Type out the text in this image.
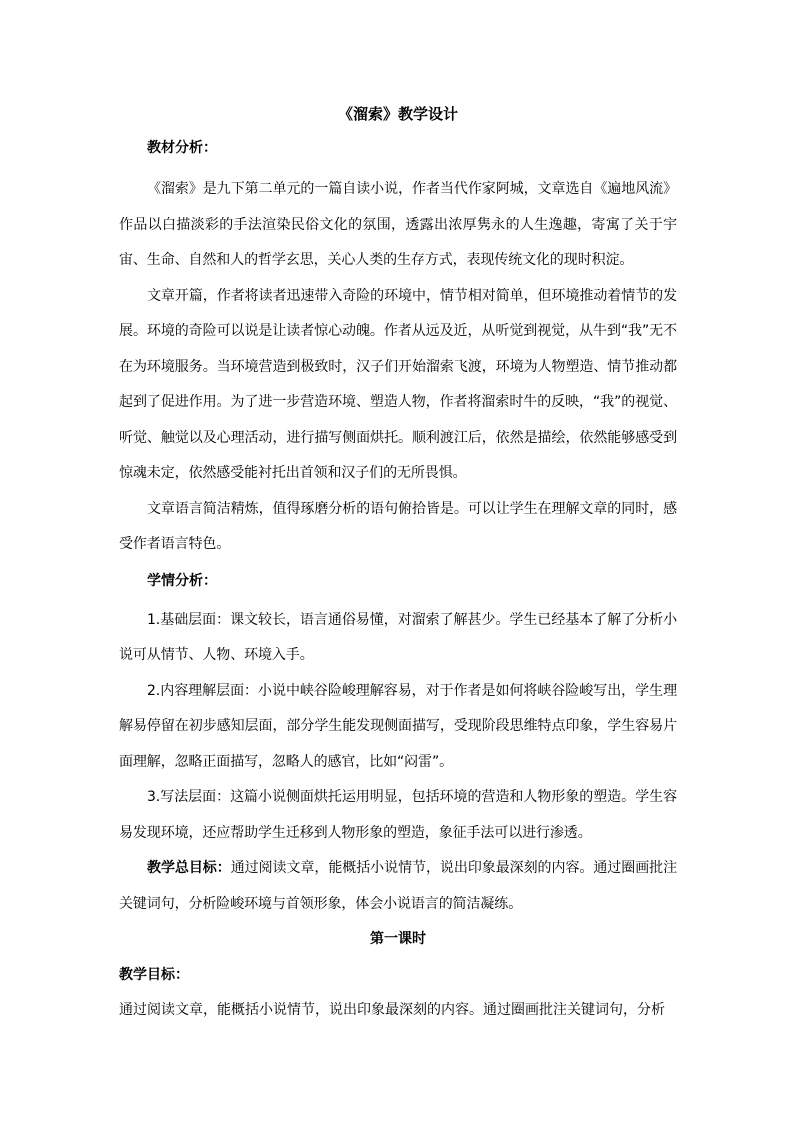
《溜索》教学设计
教材分析：

《溜索》是九下第二单元的一篇自读小说，作者当代作家阿城，文章选自《遍地风流》作品以白描淡彩的手法渲染民俗文化的氛围，透露出浓厚隽永的人生逸趣，寄寓了关于宇宙、生命、自然和人的哲学玄思，关心人类的生存方式，表现传统文化的现时积淀。

文章开篇，作者将读者迅速带入奇险的环境中，情节相对简单，但环境推动着情节的发展。环境的奇险可以说是让读者惊心动魄。作者从远及近，从听觉到视觉，从牛到“我”无不在为环境服务。当环境营造到极致时，汉子们开始溜索飞渡，环境为人物塑造、情节推动都起到了促进作用。为了进一步营造环境、塑造人物，作者将溜索时牛的反映，“我”的视觉、听觉、触觉以及心理活动，进行描写侧面烘托。顺利渡江后，依然是描绘，依然能够感受到惊魂未定，依然感受能衬托出首领和汉子们的无所畏惧。

文章语言简洁精炼，值得琢磨分析的语句俯拾皆是。可以让学生在理解文章的同时，感受作者语言特色。

学情分析：

1.基础层面：课文较长，语言通俗易懂，对溜索了解甚少。学生已经基本了解了分析小说可从情节、人物、环境入手。

2.内容理解层面：小说中峡谷险峻理解容易，对于作者是如何将峡谷险峻写出，学生理解易停留在初步感知层面，部分学生能发现侧面描写，受现阶段思维特点印象，学生容易片面理解，忽略正面描写，忽略人的感官，比如“闷雷”。

3.写法层面：这篇小说侧面烘托运用明显，包括环境的营造和人物形象的塑造。学生容易发现环境，还应帮助学生迁移到人物形象的塑造，象征手法可以进行渗透。

教学总目标：通过阅读文章，能概括小说情节，说出印象最深刻的内容。通过圈画批注关键词句，分析险峻环境与首领形象，体会小说语言的简洁凝练。

第一课时
教学目标：

通过阅读文章，能概括小说情节，说出印象最深刻的内容。通过圈画批注关键词句，分析
